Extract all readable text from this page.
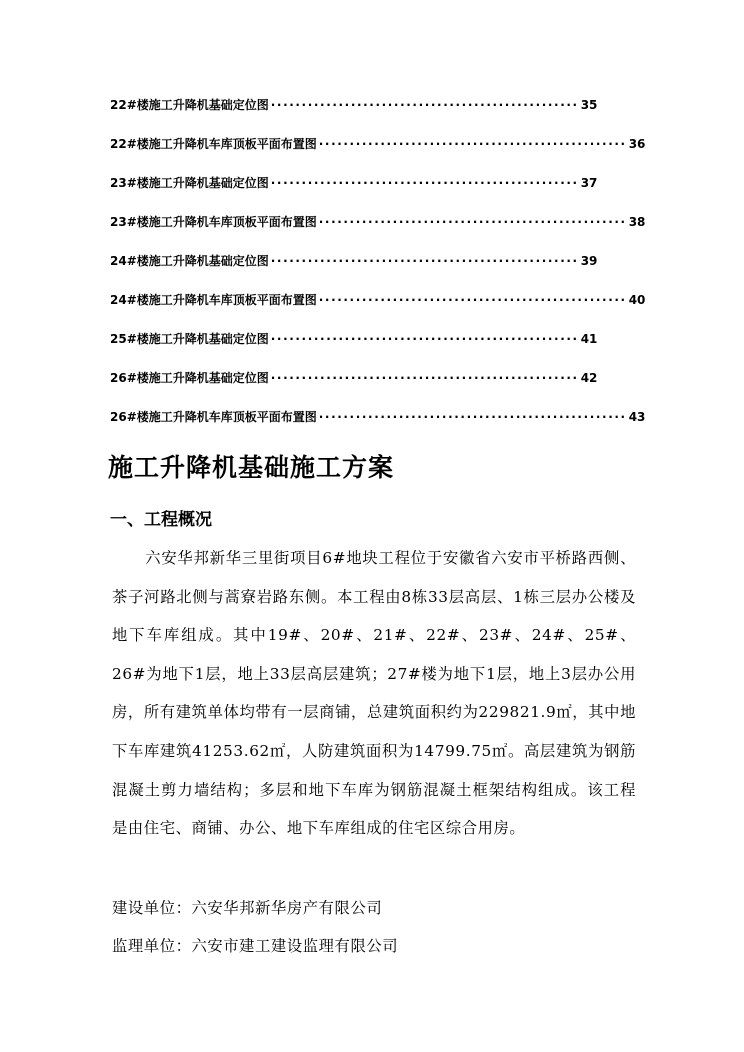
22#楼施工升降机基础定位图 ·················································· 35
22#楼施工升降机车库顶板平面布置图 ·················································· 36
23#楼施工升降机基础定位图 ·················································· 37
23#楼施工升降机车库顶板平面布置图 ·················································· 38
24#楼施工升降机基础定位图 ·················································· 39
24#楼施工升降机车库顶板平面布置图 ·················································· 40
25#楼施工升降机基础定位图 ·················································· 41
26#楼施工升降机基础定位图 ·················································· 42
26#楼施工升降机车库顶板平面布置图 ·················································· 43
施工升降机基础施工方案
一、工程概况

六安华邦新华三里街项目6#地块工程位于安徽省六安市平桥路西侧、茶子河路北侧与蒿寮岩路东侧。本工程由8栋33层高层、1栋三层办公楼及地下车库组成。其中19#、20#、21#、22#、23#、24#、25#、26#为地下1层，地上33层高层建筑；27#楼为地下1层，地上3层办公用房，所有建筑单体均带有一层商铺，总建筑面积约为229821.9㎡，其中地下车库建筑41253.62㎡，人防建筑面积为14799.75㎡。高层建筑为钢筋混凝土剪力墙结构；多层和地下车库为钢筋混凝土框架结构组成。该工程是由住宅、商铺、办公、地下车库组成的住宅区综合用房。

建设单位：六安华邦新华房产有限公司
监理单位：六安市建工建设监理有限公司
